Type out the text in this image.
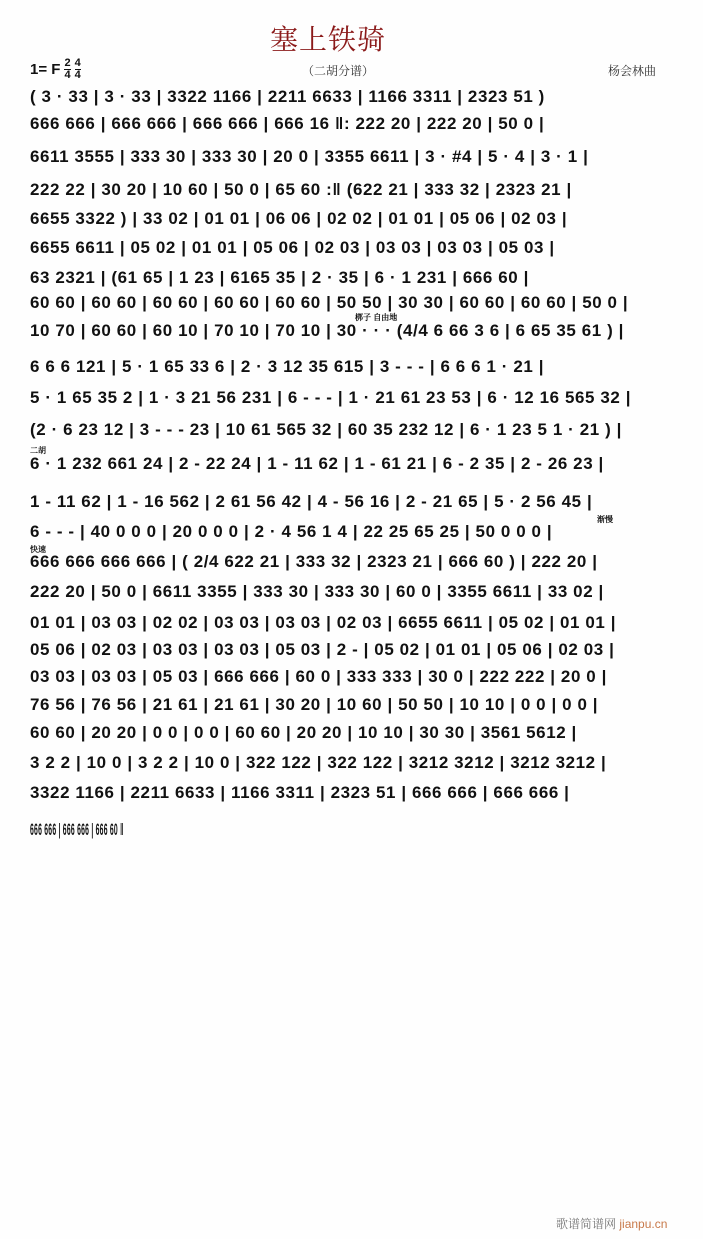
塞上铁骑
1= F $\frac{2}{4} \frac{4}{4}$	（二胡分谱）	杨会林曲
二胡
梆子 自由地
快速
渐慢
( 3 · 33 | 3 · 33 | 3322 1166 | 2211 6633 | 1166 3311 | 2323 51 )
666 666 | 666 666 | 666 666 | 666 16 ‖: 222 20 | 222 20 | 50 0 |
6611 3555 | 333 30 | 333 30 | 20 0 | 3355 6611 | 3 · #4 | 5 · 4 | 3 · 1 |
222 22 | 30 20 | 10 60 | 50 0 | 65 60 :‖ (622 21 | 333 32 | 2323 21 |
6655 3322 ) | 33 02 | 01 01 | 06 06 | 02 02 | 01 01 | 05 06 | 02 03 |
6655 6611 | 05 02 | 01 01 | 05 06 | 02 03 | 03 03 | 03 03 | 05 03 |
63 2321 | (61 65 | 1 23 | 6165 35 | 2 · 35 | 6 · 1 231 | 666 60 |
60 60 | 60 60 | 60 60 | 60 60 | 60 60 | 50 50 | 30 30 | 60 60 | 60 60 | 50 0 |
10 70 | 60 60 | 60 10 | 70 10 | 70 10 | 30 · · · (4/4 6 66 3 6 | 6 65 35 61 ) |
6 6 6 121 | 5 · 1 65 33 6 | 2 · 3 12 35 615 | 3 - - - | 6 6 6 1 · 21 |
5 · 1 65 35 2 | 1 · 3 21 56 231 | 6 - - - | 1 · 21 61 23 53 | 6 · 12 16 565 32 |
(2 · 6 23 12 | 3 - - - 23 | 10 61 565 32 | 60 35 232 12 | 6 · 1 23 5 1 · 21 ) |
6 · 1 232 661 24 | 2 - 22 24 | 1 - 11 62 | 1 - 61 21 | 6 - 2 35 | 2 - 26 23 |
1 - 11 62 | 1 - 16 562 | 2 61 56 42 | 4 - 56 16 | 2 - 21 65 | 5 · 2 56 45 |
6 - - - | 40 0 0 0 | 20 0 0 0 | 2 · 4 56 1 4 | 22 25 65 25 | 50 0 0 0 |
666 666 666 666 | ( 2/4 622 21 | 333 32 | 2323 21 | 666 60 ) | 222 20 |
222 20 | 50 0 | 6611 3355 | 333 30 | 333 30 | 60 0 | 3355 6611 | 33 02 |
01 01 | 03 03 | 02 02 | 03 03 | 03 03 | 02 03 | 6655 6611 | 05 02 | 01 01 |
05 06 | 02 03 | 03 03 | 03 03 | 05 03 | 2 - | 05 02 | 01 01 | 05 06 | 02 03 |
03 03 | 03 03 | 05 03 | 666 666 | 60 0 | 333 333 | 30 0 | 222 222 | 20 0 |
76 56 | 76 56 | 21 61 | 21 61 | 30 20 | 10 60 | 50 50 | 10 10 | 0 0 | 0 0 |
60 60 | 20 20 | 0 0 | 0 0 | 60 60 | 20 20 | 10 10 | 30 30 | 3561 5612 |
3 2 2 | 10 0 | 3 2 2 | 10 0 | 322 122 | 322 122 | 3212 3212 | 3212 3212 |
3322 1166 | 2211 6633 | 1166 3311 | 2323 51 | 666 666 | 666 666 |
666 666 | 666 666 | 666 60 ‖
歌谱简谱网 jianpu.cn
